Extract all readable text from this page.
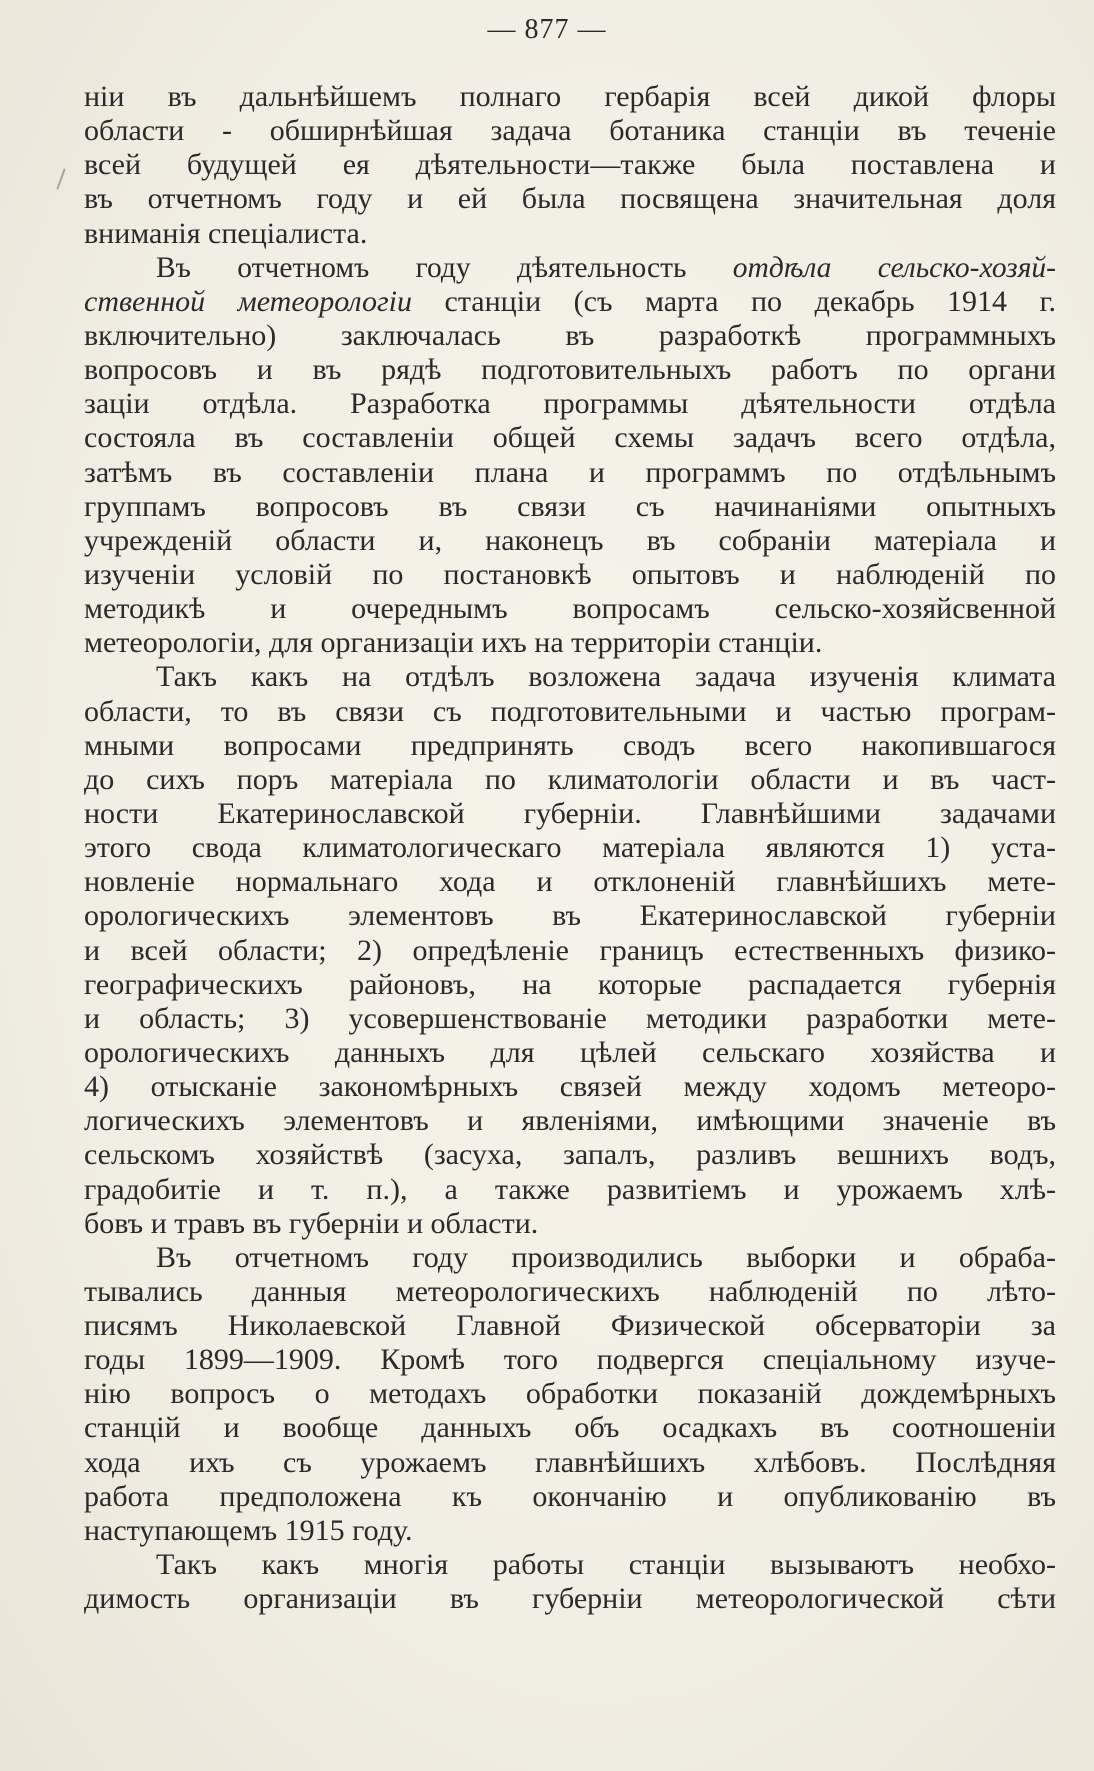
— 877 —
ніи въ дальнѣйшемъ полнаго гербарія всей дикой флоры
области - обширнѣйшая задача ботаника станціи въ теченіе
всей будущей ея дѣятельности—также была поставлена и
въ отчетномъ году и ей была посвящена значительная доля
вниманія спеціалиста.
Въ отчетномъ году дѣятельность отдѣла сельско-хозяй-
ственной метеорологіи станціи (съ марта по декабрь 1914 г.
включительно) заключалась въ разработкѣ программныхъ
вопросовъ и въ рядѣ подготовительныхъ работъ по органи
заціи отдѣла. Разработка программы дѣятельности отдѣла
состояла въ составленіи общей схемы задачъ всего отдѣла,
затѣмъ въ составленіи плана и программъ по отдѣльнымъ
группамъ вопросовъ въ связи съ начинаніями опытныхъ
учрежденій области и, наконецъ въ собраніи матеріала и
изученіи условій по постановкѣ опытовъ и наблюденій по
методикѣ и очереднымъ вопросамъ сельско-хозяйсвенной
метеорологіи, для организаціи ихъ на территоріи станціи.
Такъ какъ на отдѣлъ возложена задача изученія климата
области, то въ связи съ подготовительными и частью програм-
мными вопросами предпринять сводъ всего накопившагося
до сихъ поръ матеріала по климатологіи области и въ част-
ности Екатеринославской губерніи. Главнѣйшими задачами
этого свода климатологическаго матеріала являются 1) уста-
новленіе нормальнаго хода и отклоненій главнѣйшихъ мете-
орологическихъ элементовъ въ Екатеринославской губерніи
и всей области; 2) опредѣленіе границъ естественныхъ физико-
географическихъ районовъ, на которые распадается губернія
и область; 3) усовершенствованіе методики разработки мете-
орологическихъ данныхъ для цѣлей сельскаго хозяйства и
4) отысканіе закономѣрныхъ связей между ходомъ метеоро-
логическихъ элементовъ и явленіями, имѣющими значеніе въ
сельскомъ хозяйствѣ (засуха, запалъ, разливъ вешнихъ водъ,
градобитіе и т. п.), а также развитіемъ и урожаемъ хлѣ-
бовъ и травъ въ губерніи и области.
Въ отчетномъ году производились выборки и обраба-
тывались данныя метеорологическихъ наблюденій по лѣто-
писямъ Николаевской Главной Физической обсерваторіи за
годы 1899—1909. Кромѣ того подвергся спеціальному изуче-
нію вопросъ о методахъ обработки показаній дождемѣрныхъ
станцій и вообще данныхъ объ осадкахъ въ соотношеніи
хода ихъ съ урожаемъ главнѣйшихъ хлѣбовъ. Послѣдняя
работа предположена къ окончанію и опубликованію въ
наступающемъ 1915 году.
Такъ какъ многія работы станціи вызываютъ необхо-
димость организаціи въ губерніи метеорологической сѣти
